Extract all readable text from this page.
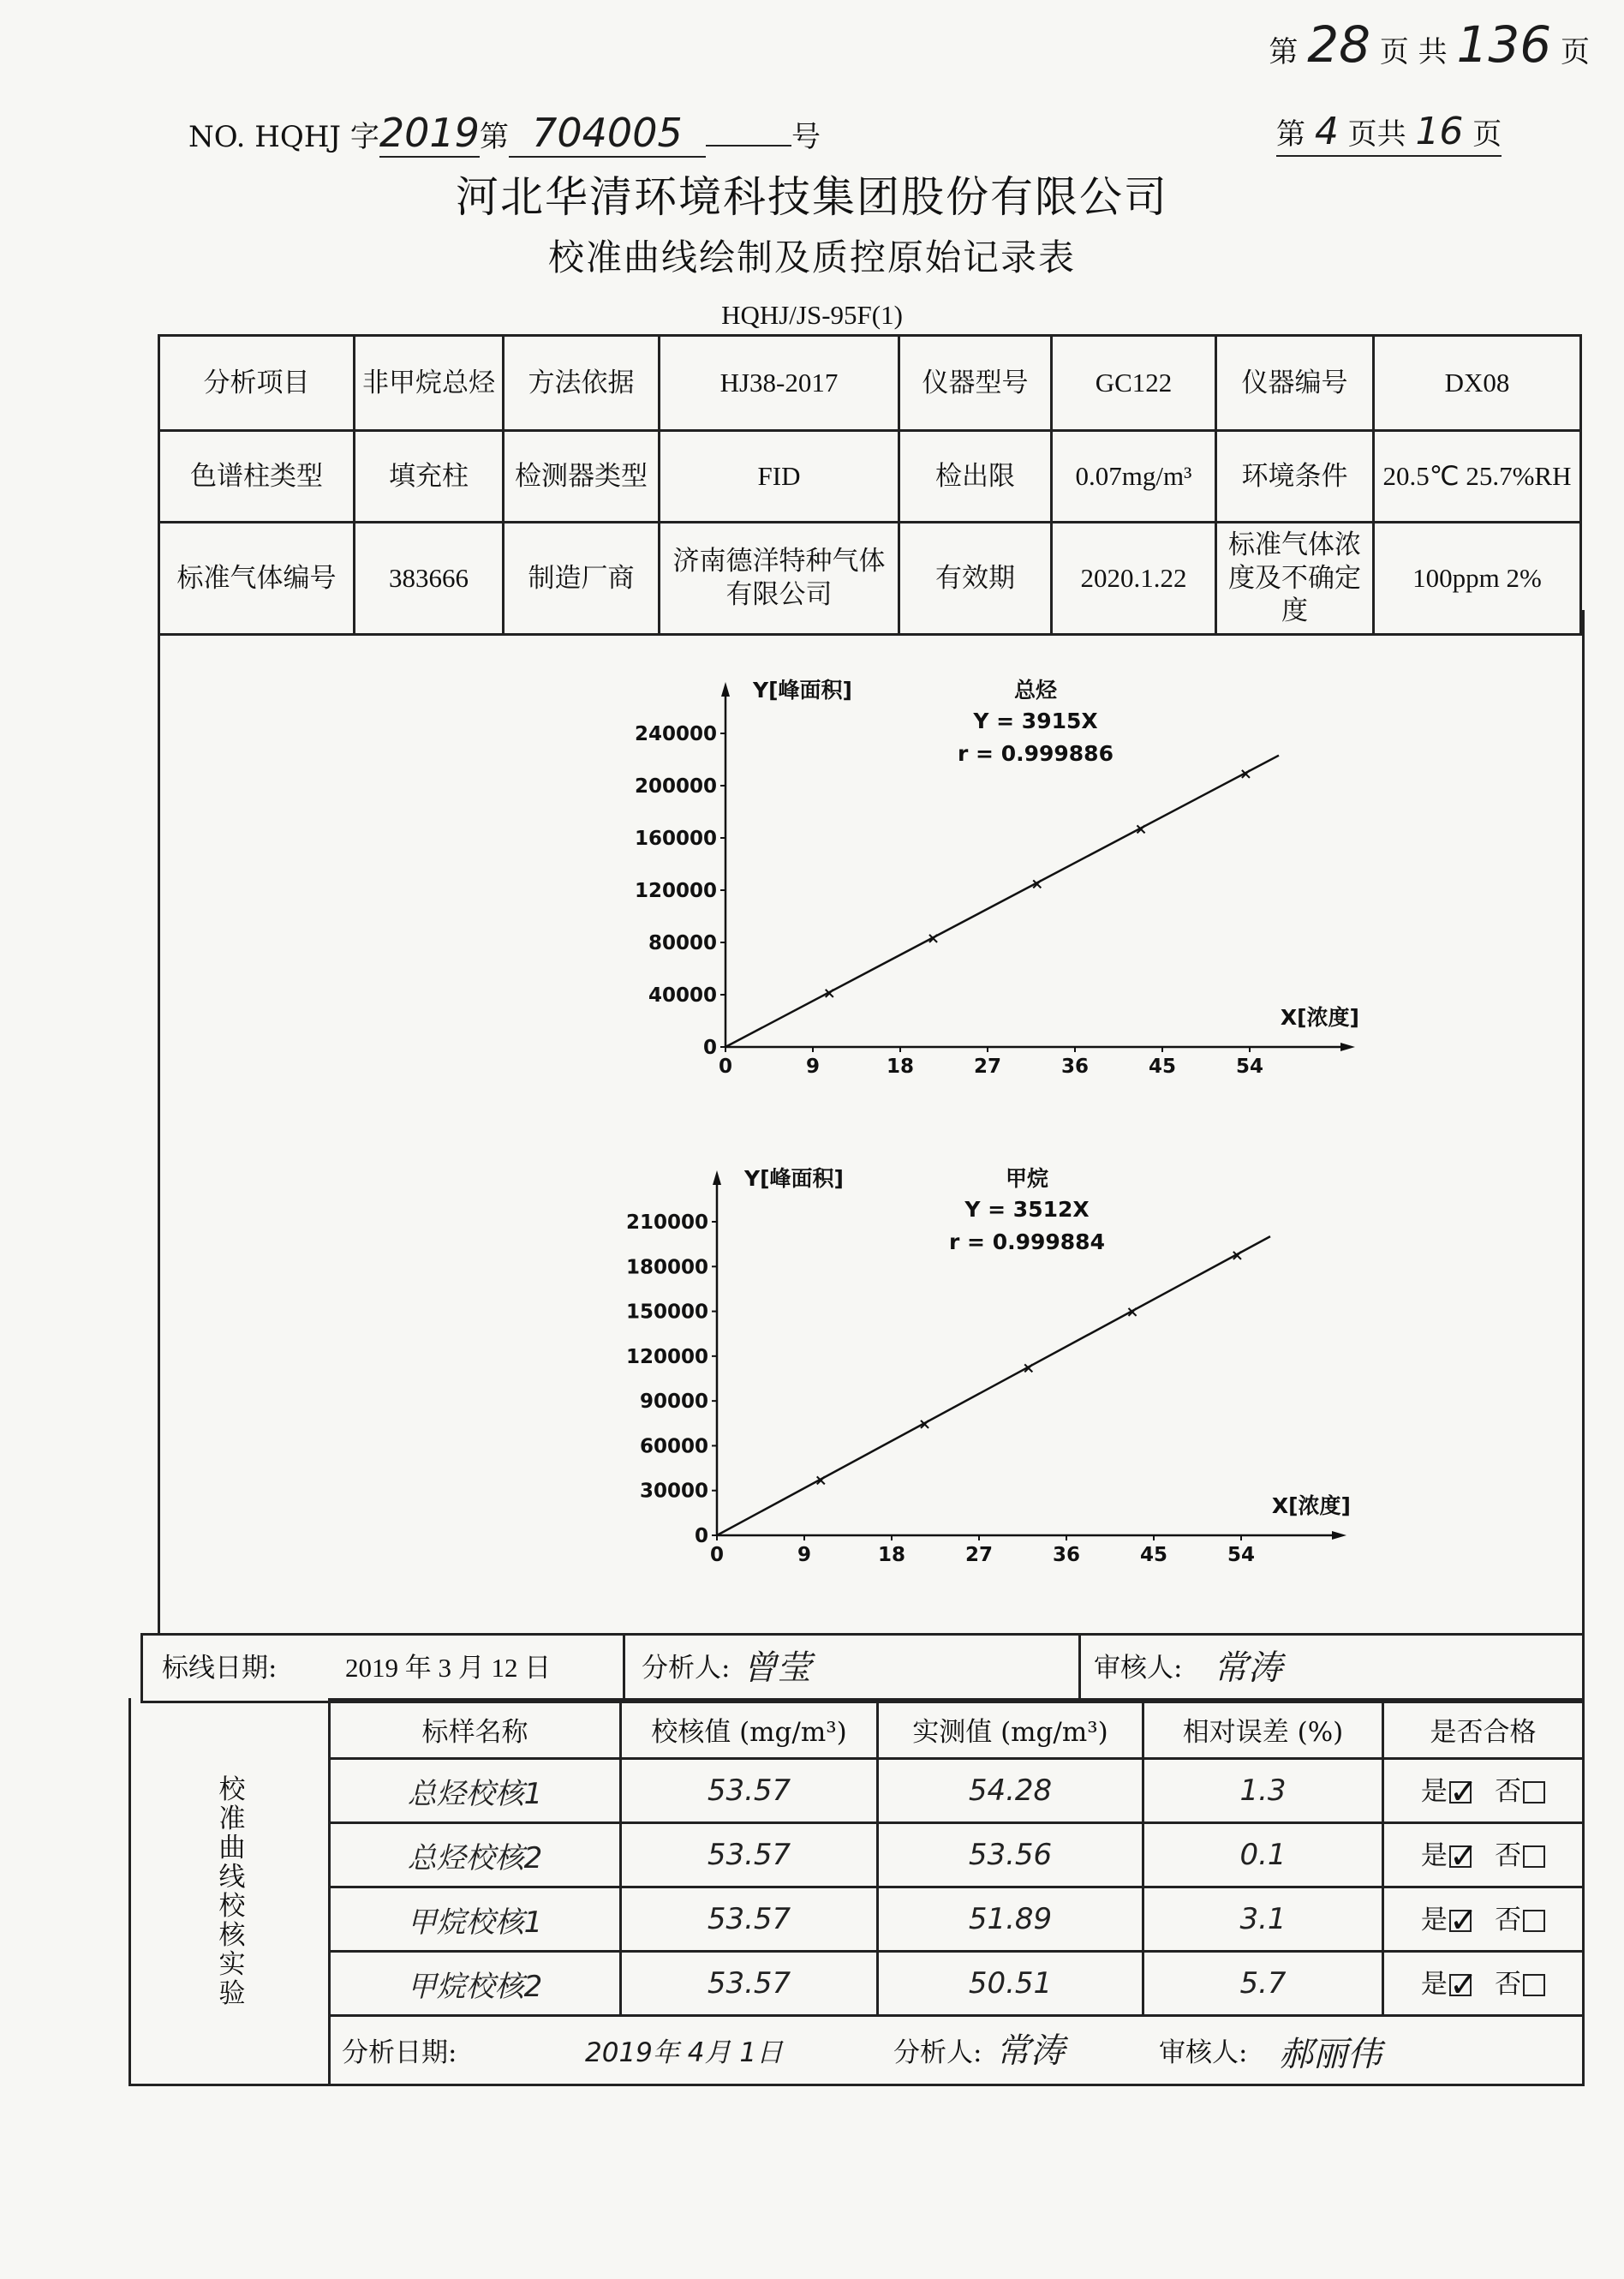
第 28 页 共 136 页
NO. HQHJ 字2019第 704005	号	第 4 页共 16 页
河北华清环境科技集团股份有限公司
校准曲线绘制及质控原始记录表
HQHJ/JS-95F(1)
分析项目	非甲烷总烃	方法依据	HJ38-2017	仪器型号	GC122	仪器编号	DX08
色谱柱类型	填充柱	检测器类型	FID	检出限	0.07mg/m³	环境条件	20.5℃ 25.7%RH
标准气体编号	383666	制造厂商	济南德洋特种气体有限公司	有效期	2020.1.22	标准气体浓度及不确定度	100ppm 2%
0	9	18	27	36	45	54
0
40000
80000
120000
160000
200000
240000
×
×
×
×
×
Y[峰面积]	总烃
Y = 3915X
r = 0.999886
X[浓度]
0	9	18	27	36	45	54
0
30000
60000
90000
120000
150000
180000
210000
×
×
×
×
×
Y[峰面积]	甲烷
Y = 3512X
r = 0.999884
X[浓度]
标线日期:	2019 年 3 月 12 日	分析人: 曾莹	审核人: 常涛
校准曲线校核实验
标样名称	校核值 (mg/m³)	实测值 (mg/m³)	相对误差 (%)	是否合格
总烃校核1	53.57	54.28	1.3	是✓ 否
总烃校核2	53.57	53.56	0.1	是✓ 否
甲烷校核1	53.57	51.89	3.1	是✓ 否
甲烷校核2	53.57	50.51	5.7	是✓ 否
分析日期:	2019年 4月 1日	分析人: 常涛	审核人: 郝丽伟
